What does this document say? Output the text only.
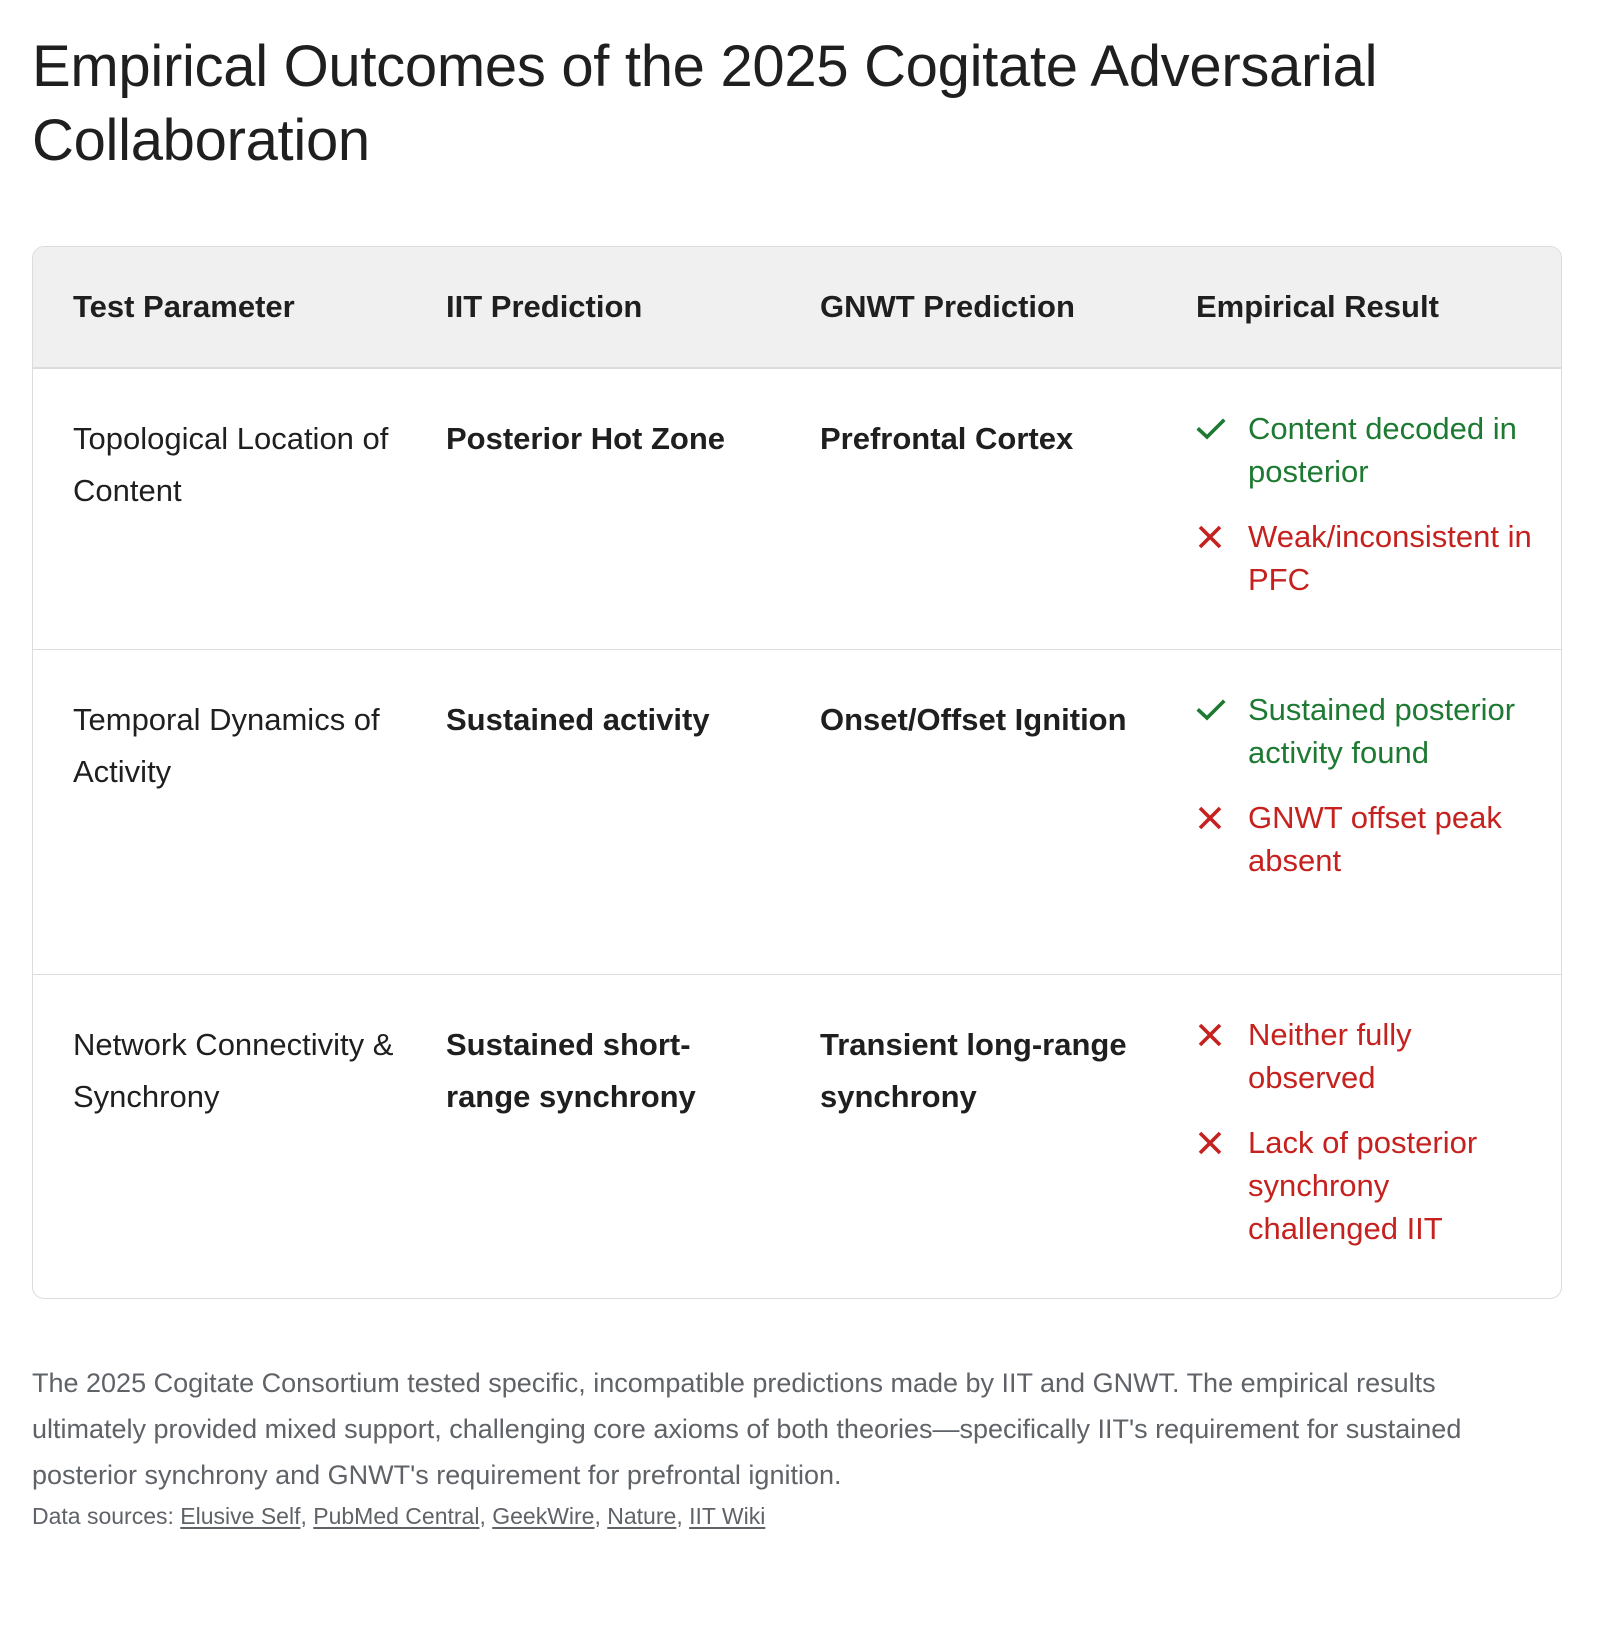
Empirical Outcomes of the 2025 Cogitate Adversarial Collaboration
Test Parameter	IIT Prediction	GNWT Prediction	Empirical Result
Topological Location of Content	Posterior Hot Zone	Prefrontal Cortex	Content decoded in posterior
Weak/inconsistent in PFC

Temporal Dynamics of Activity	Sustained activity	Onset/Offset Ignition	Sustained posterior activity found
GNWT offset peak absent

Network Connectivity & Synchrony	Sustained short-range synchrony	Transient long-range synchrony	Neither fully observed
Lack of posterior synchrony challenged IIT

The 2025 Cogitate Consortium tested specific, incompatible predictions made by IIT and GNWT. The empirical results ultimately provided mixed support, challenging core axioms of both theories—specifically IIT's requirement for sustained posterior synchrony and GNWT's requirement for prefrontal ignition.

Data sources: Elusive Self, PubMed Central, GeekWire, Nature, IIT Wiki
